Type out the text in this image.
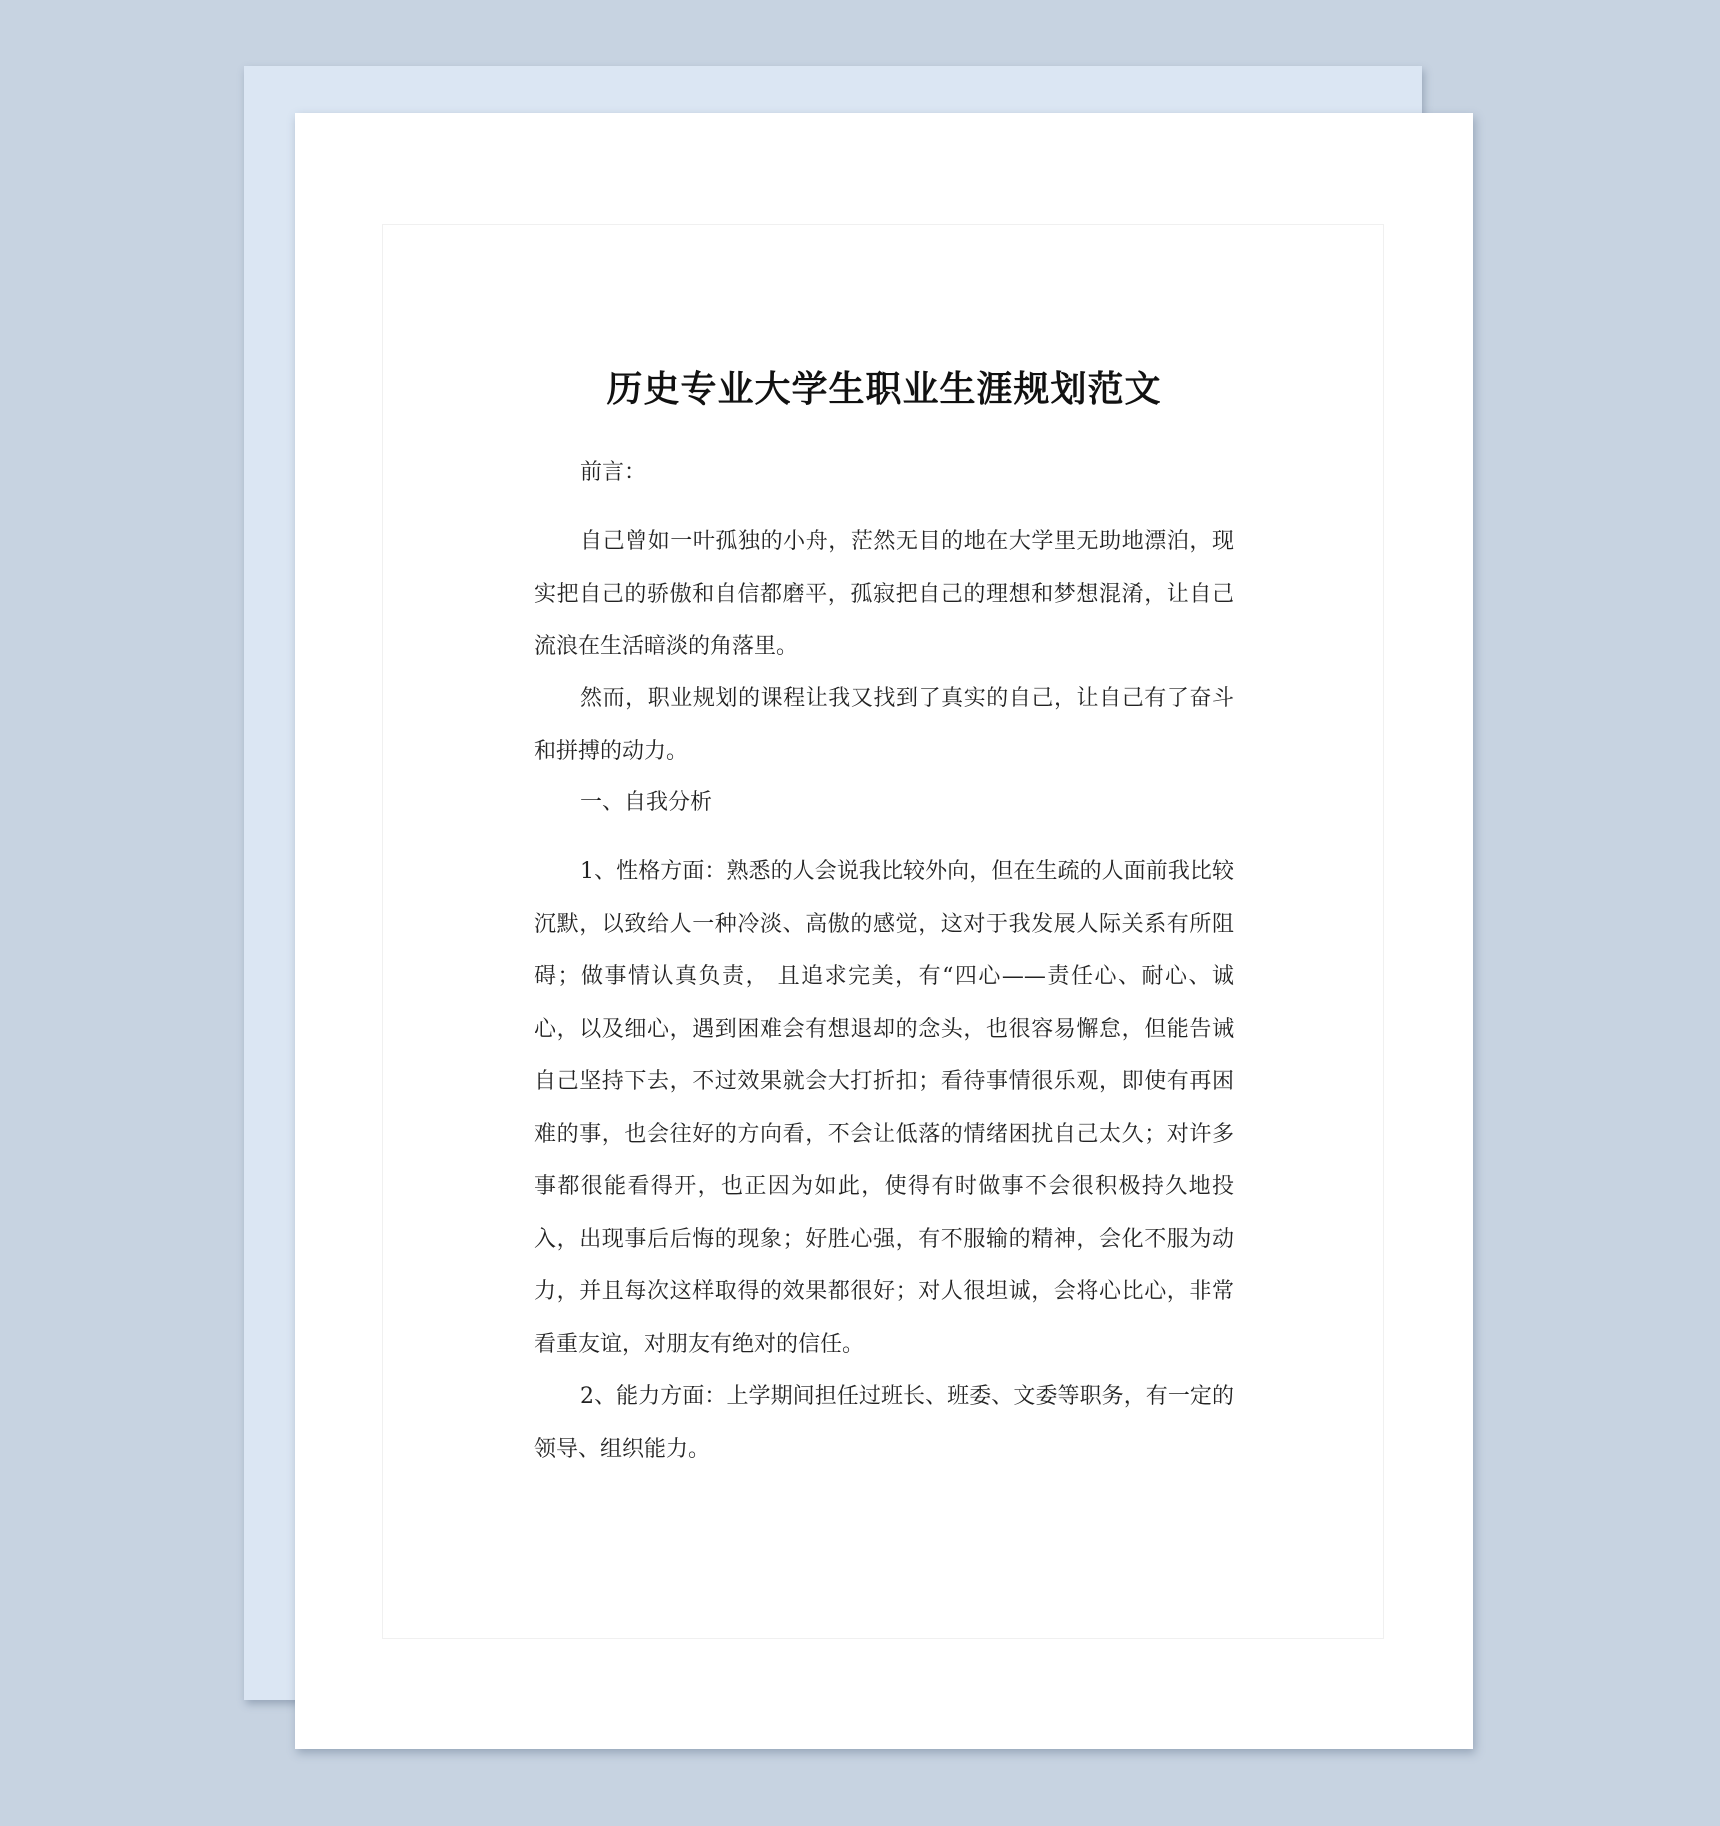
历史专业大学生职业生涯规划范文

前言：

自己曾如一叶孤独的小舟，茫然无目的地在大学里无助地漂泊，现实把自己的骄傲和自信都磨平，孤寂把自己的理想和梦想混淆，让自己流浪在生活暗淡的角落里。

然而，职业规划的课程让我又找到了真实的自己，让自己有了奋斗和拼搏的动力。

一、自我分析

1、性格方面：熟悉的人会说我比较外向，但在生疏的人面前我比较沉默，以致给人一种冷淡、高傲的感觉，这对于我发展人际关系有所阻碍；做事情认真负责， 且追求完美，有“四心——责任心、耐心、诚心，以及细心，遇到困难会有想退却的念头，也很容易懈怠，但能告诫自己坚持下去，不过效果就会大打折扣；看待事情很乐观，即使有再困难的事，也会往好的方向看，不会让低落的情绪困扰自己太久；对许多事都很能看得开，也正因为如此，使得有时做事不会很积极持久地投入，出现事后后悔的现象；好胜心强，有不服输的精神，会化不服为动力，并且每次这样取得的效果都很好；对人很坦诚，会将心比心，非常看重友谊，对朋友有绝对的信任。

2、能力方面：上学期间担任过班长、班委、文委等职务，有一定的领导、组织能力。
